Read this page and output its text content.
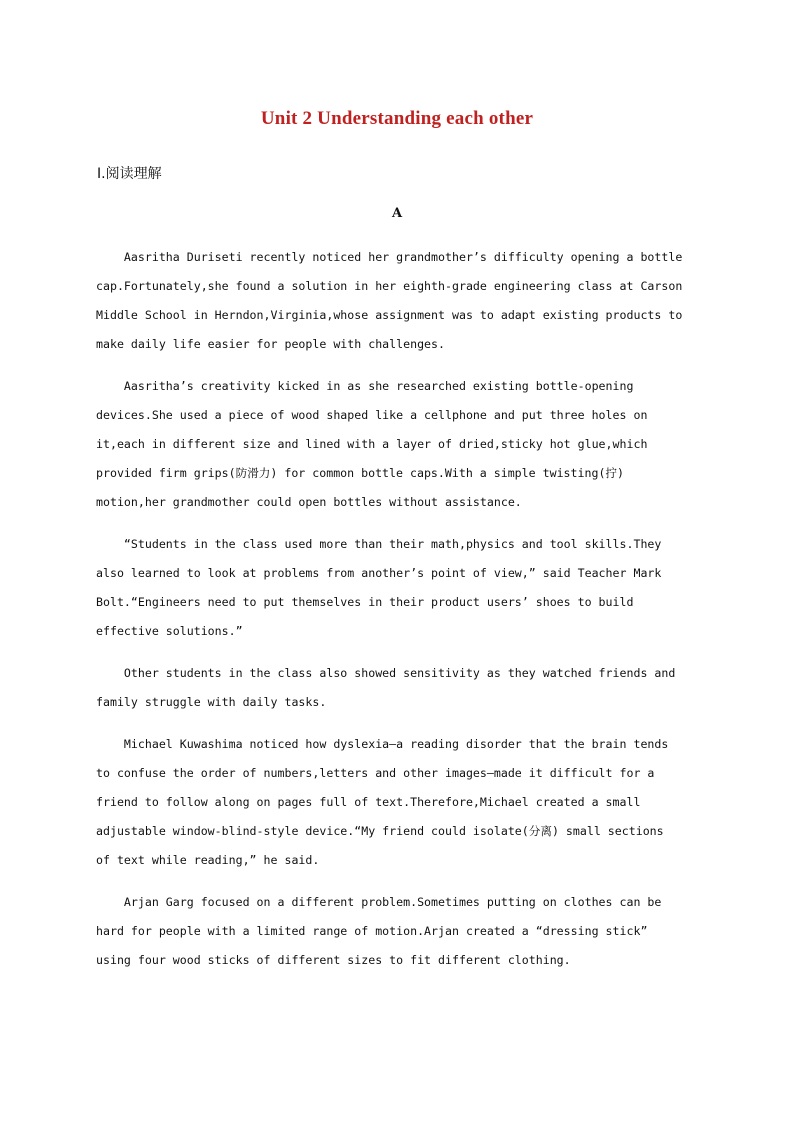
Unit 2 Understanding each other
Ⅰ.阅读理解
A
Aasritha Duriseti recently noticed her grandmother’s difficulty opening a bottle
cap.Fortunately,she found a solution in her eighth-grade engineering class at Carson
Middle School in Herndon,Virginia,whose assignment was to adapt existing products to
make daily life easier for people with challenges.
Aasritha’s creativity kicked in as she researched existing bottle-opening
devices.She used a piece of wood shaped like a cellphone and put three holes on
it,each in different size and lined with a layer of dried,sticky hot glue,which
provided firm grips(防滑力) for common bottle caps.With a simple twisting(拧)
motion,her grandmother could open bottles without assistance.
“Students in the class used more than their math,physics and tool skills.They
also learned to look at problems from another’s point of view,” said Teacher Mark
Bolt.“Engineers need to put themselves in their product users’ shoes to build
effective solutions.”
Other students in the class also showed sensitivity as they watched friends and
family struggle with daily tasks.
Michael Kuwashima noticed how dyslexia—a reading disorder that the brain tends
to confuse the order of numbers,letters and other images—made it difficult for a
friend to follow along on pages full of text.Therefore,Michael created a small
adjustable window-blind-style device.“My friend could isolate(分离) small sections
of text while reading,” he said.
Arjan Garg focused on a different problem.Sometimes putting on clothes can be
hard for people with a limited range of motion.Arjan created a “dressing stick”
using four wood sticks of different sizes to fit different clothing.
